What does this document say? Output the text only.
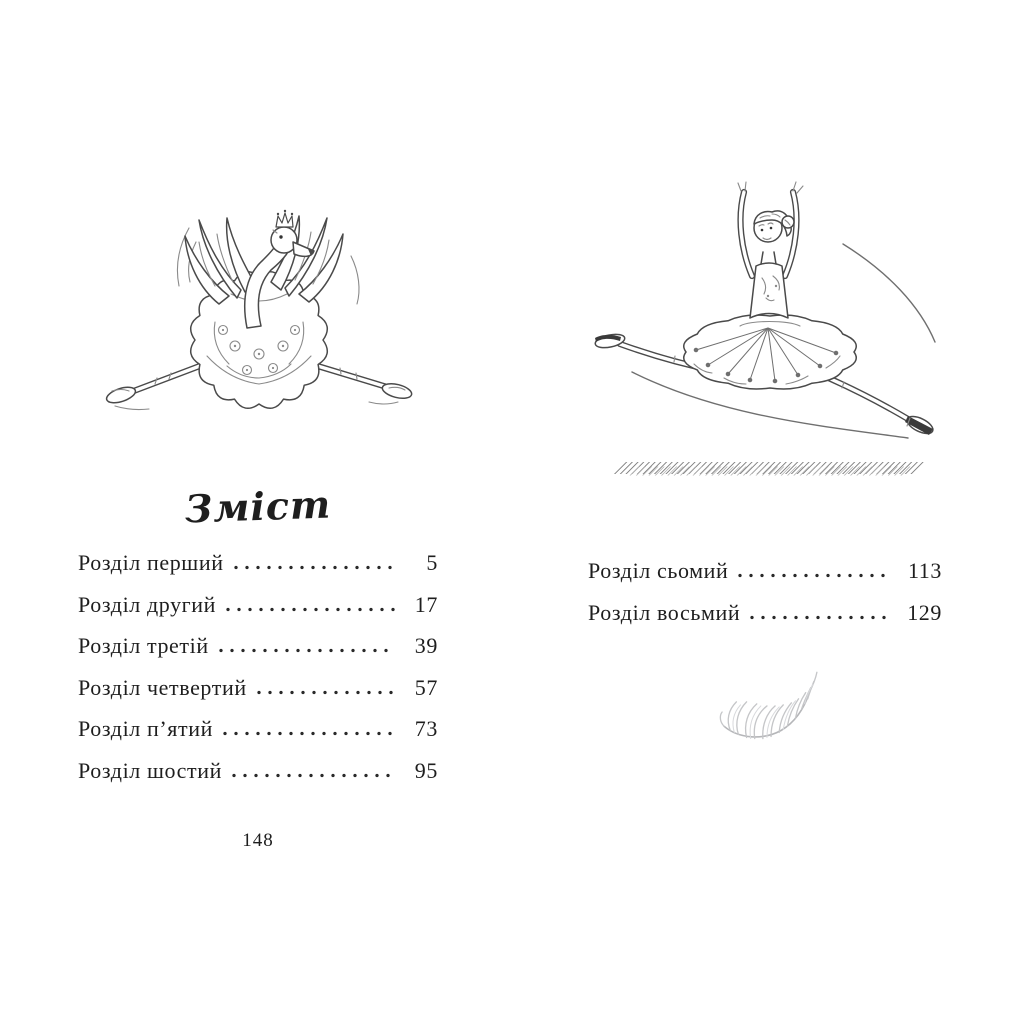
Зміст
Розділ перший	5
Розділ другий	17
Розділ третій	39
Розділ четвертий	57
Розділ п’ятий	73
Розділ шостий	95
148
Розділ сьомий	113
Розділ восьмий	129
